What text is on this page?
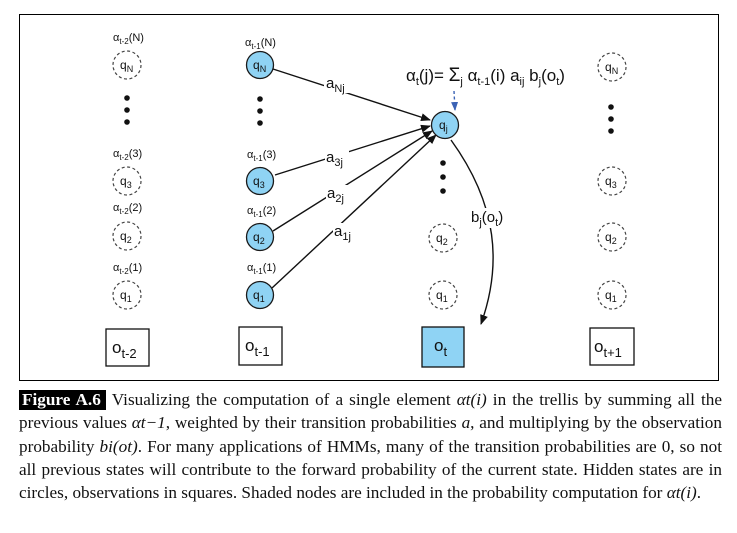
$a_{Nj}$
$a_{3j}$
$a_{2j}$
$a_{1j}$
$b_j(o_t)$
$\alpha_t(j)= \Sigma_j$ $\alpha_{t-1}(i)$ $a_{ij}$ $b_j(o_t)$
$\alpha_{t-2}(N)$
$q_N$
$\alpha_{t-2}(3)$
$q_3$
$\alpha_{t-2}(2)$
$q_2$
$\alpha_{t-2}(1)$
$q_1$
$o_{t-2}$
$\alpha_{t-1}(N)$
$q_N$
$\alpha_{t-1}(3)$
$q_3$
$\alpha_{t-1}(2)$
$q_2$
$\alpha_{t-1}(1)$
$q_1$
$o_{t-1}$
$q_j$
$q_2$
$q_1$
$o_t$
$q_N$
$q_3$
$q_2$
$q_1$
$o_{t+1}$

Figure A.6 Visualizing the computation of a single element αt(i) in the trellis by summing all the previous values αt−1, weighted by their transition probabilities a, and multiplying by the observation probability bi(ot). For many applications of HMMs, many of the transition probabilities are 0, so not all previous states will contribute to the forward probability of the current state. Hidden states are in circles, observations in squares. Shaded nodes are included in the probability computation for αt(i).
